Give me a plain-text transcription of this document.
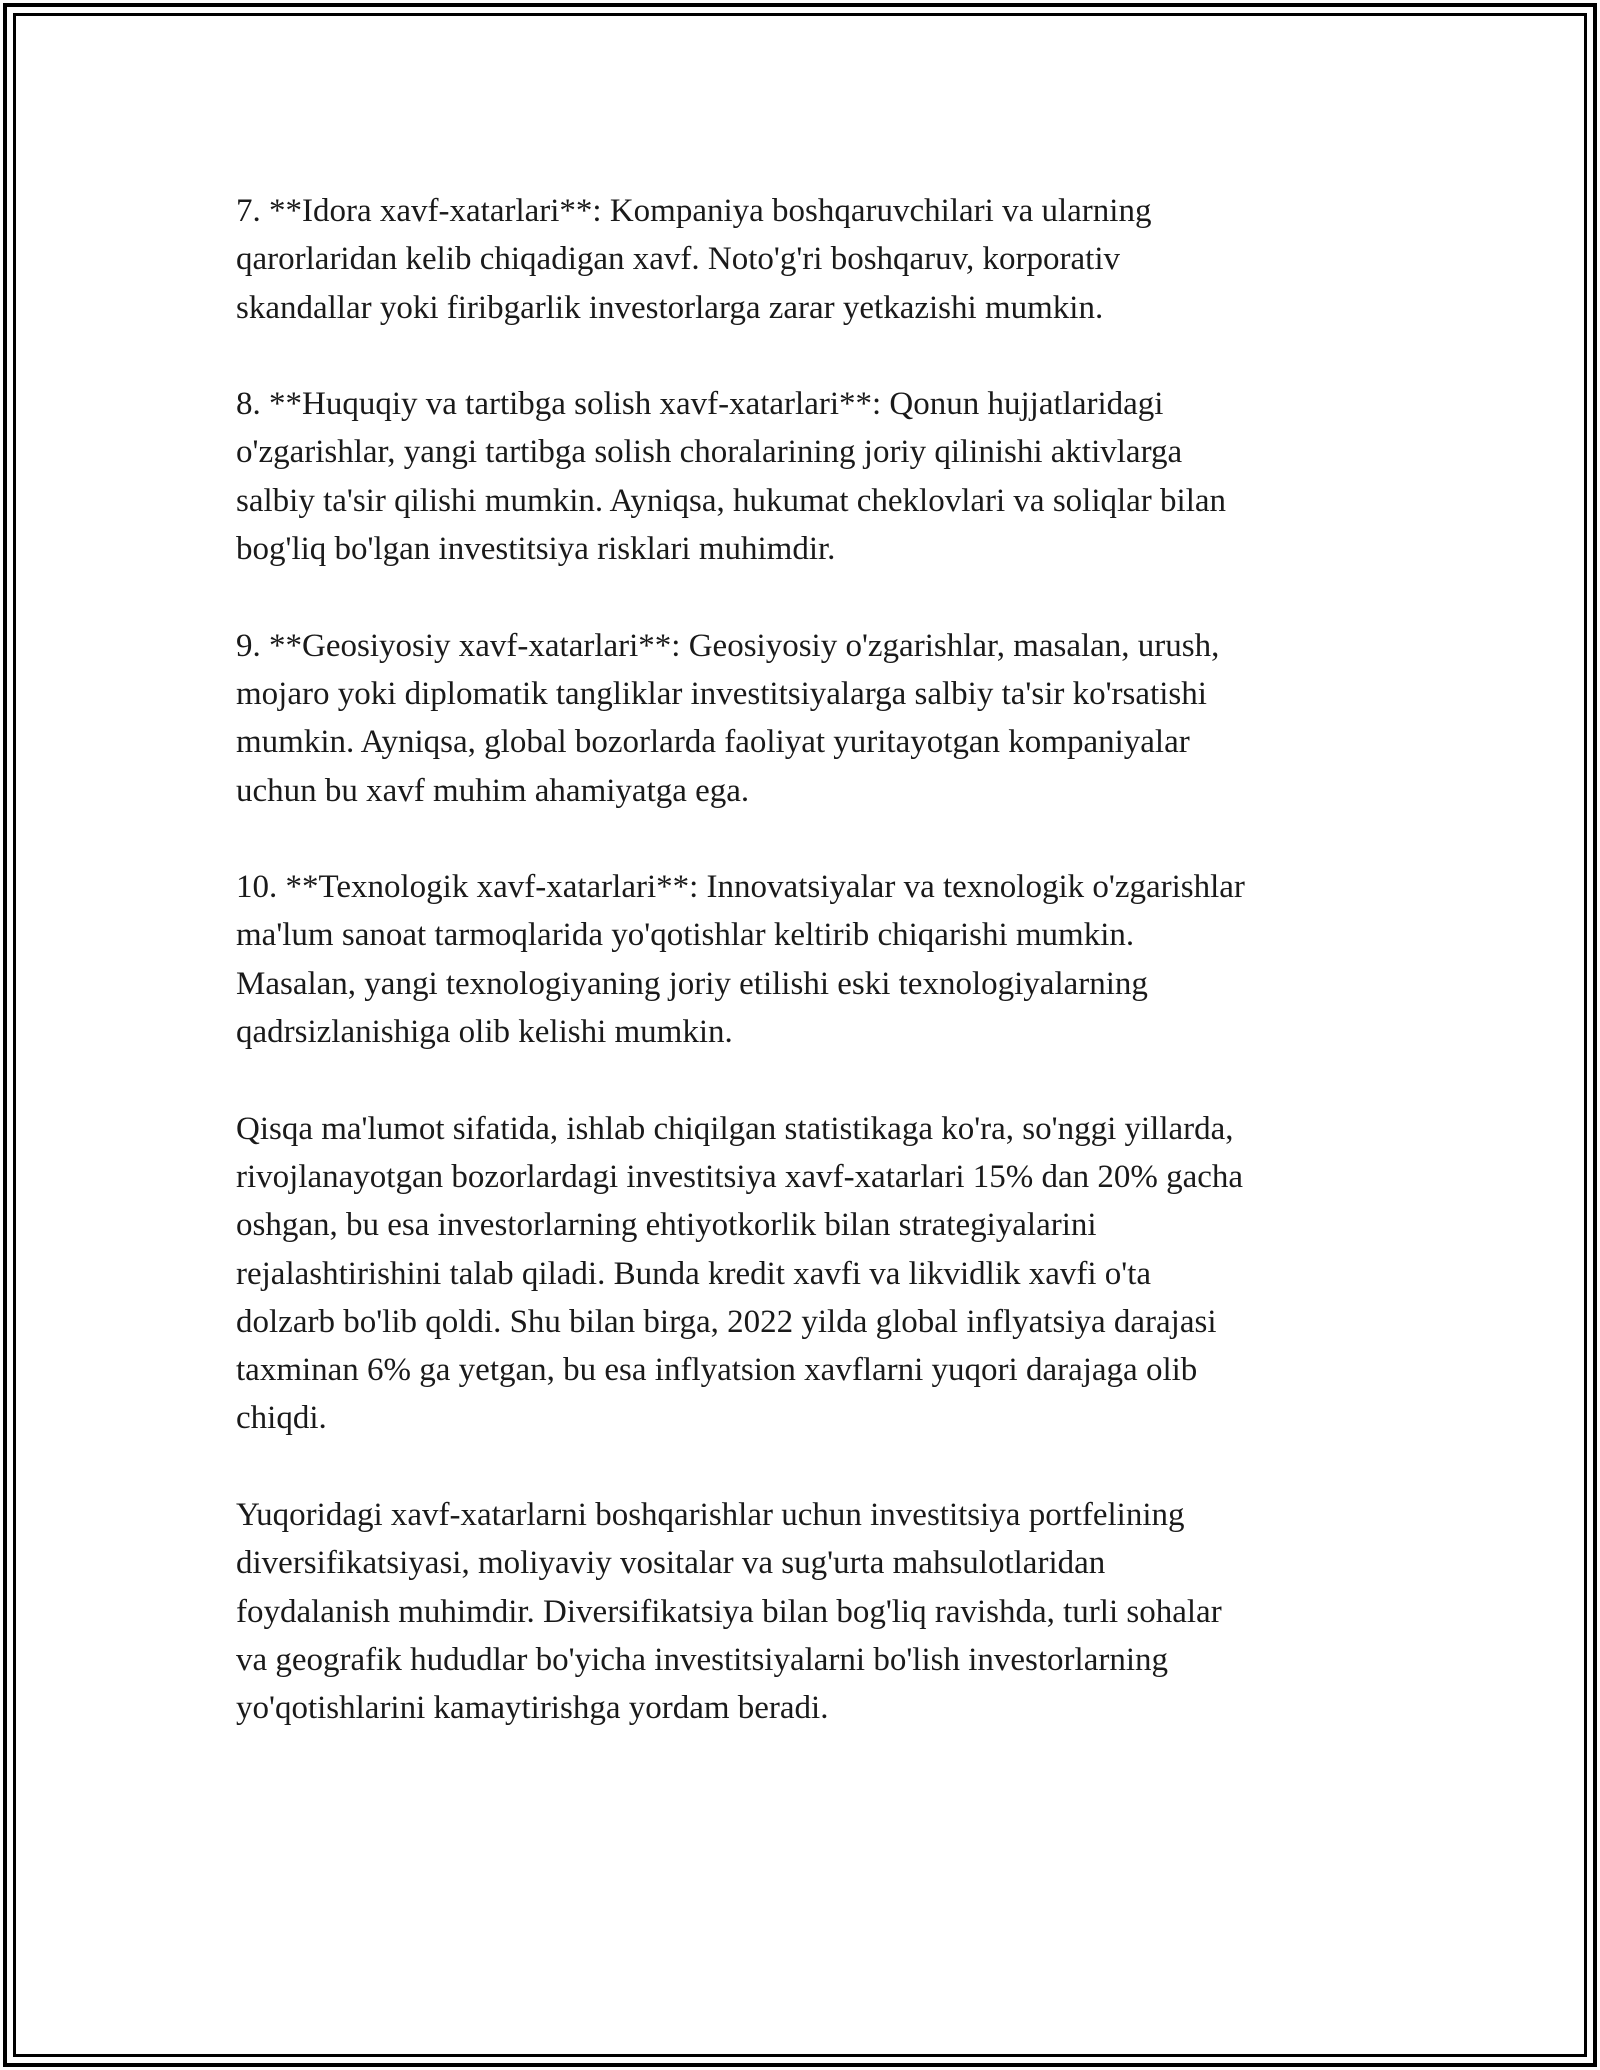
7. **Idora xavf-xatarlari**: Kompaniya boshqaruvchilari va ularning
qarorlaridan kelib chiqadigan xavf. Noto'g'ri boshqaruv, korporativ
skandallar yoki firibgarlik investorlarga zarar yetkazishi mumkin.

8. **Huquqiy va tartibga solish xavf-xatarlari**: Qonun hujjatlaridagi
o'zgarishlar, yangi tartibga solish choralarining joriy qilinishi aktivlarga
salbiy ta'sir qilishi mumkin. Ayniqsa, hukumat cheklovlari va soliqlar bilan
bog'liq bo'lgan investitsiya risklari muhimdir.

9. **Geosiyosiy xavf-xatarlari**: Geosiyosiy o'zgarishlar, masalan, urush,
mojaro yoki diplomatik tangliklar investitsiyalarga salbiy ta'sir ko'rsatishi
mumkin. Ayniqsa, global bozorlarda faoliyat yuritayotgan kompaniyalar
uchun bu xavf muhim ahamiyatga ega.

10. **Texnologik xavf-xatarlari**: Innovatsiyalar va texnologik o'zgarishlar
ma'lum sanoat tarmoqlarida yo'qotishlar keltirib chiqarishi mumkin.
Masalan, yangi texnologiyaning joriy etilishi eski texnologiyalarning
qadrsizlanishiga olib kelishi mumkin.

Qisqa ma'lumot sifatida, ishlab chiqilgan statistikaga ko'ra, so'nggi yillarda,
rivojlanayotgan bozorlardagi investitsiya xavf-xatarlari 15% dan 20% gacha
oshgan, bu esa investorlarning ehtiyotkorlik bilan strategiyalarini
rejalashtirishini talab qiladi. Bunda kredit xavfi va likvidlik xavfi o'ta
dolzarb bo'lib qoldi. Shu bilan birga, 2022 yilda global inflyatsiya darajasi
taxminan 6% ga yetgan, bu esa inflyatsion xavflarni yuqori darajaga olib
chiqdi.

Yuqoridagi xavf-xatarlarni boshqarishlar uchun investitsiya portfelining
diversifikatsiyasi, moliyaviy vositalar va sug'urta mahsulotlaridan
foydalanish muhimdir. Diversifikatsiya bilan bog'liq ravishda, turli sohalar
va geografik hududlar bo'yicha investitsiyalarni bo'lish investorlarning
yo'qotishlarini kamaytirishga yordam beradi.
